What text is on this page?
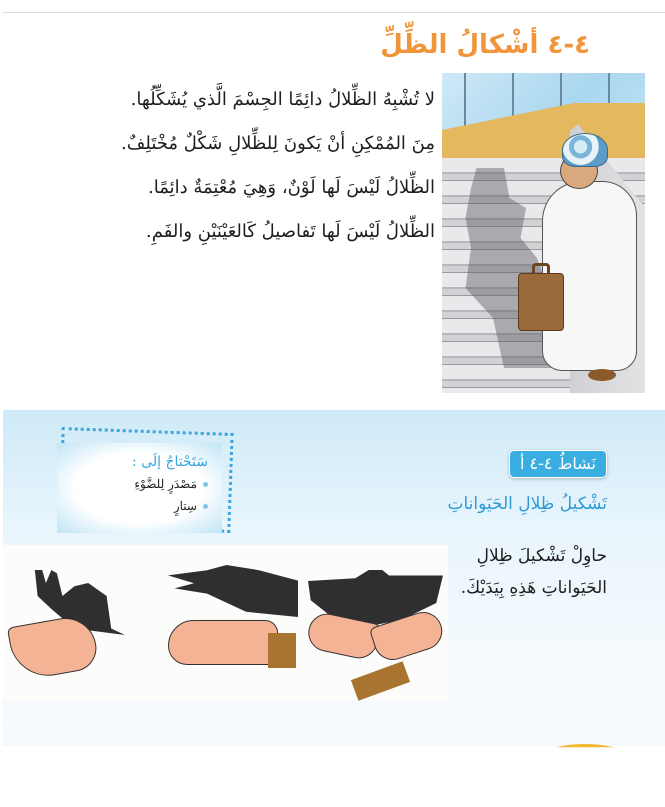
٤-٤ أشْكالُ الظِّلِّ

لا تُشْبِهُ الظِّلالُ دائِمًا الجِسْمَ الَّذي يُشَكِّلُها.

مِنَ المُمْكِنِ أنْ يَكونَ لِلظِّلالِ شَكْلٌ مُخْتَلِفٌ.

الظِّلالُ لَيْسَ لَها لَوْنٌ، وَهِيَ مُعْتِمَةٌ دائِمًا.

الظِّلالُ لَيْسَ لَها تَفاصيلُ كَالعَيْنَيْنِ والفَمِ.

نَشاطُ ٤-٤ أ
تَشْكيلُ ظِلالِ الحَيَواناتِ
سَتَحْتاجُ إلَى :
مَصْدَرٍ لِلضَّوْءِ
سِتارٍ

حاوِلْ تَشْكيلَ ظِلالِ

الحَيَواناتِ هَذِهِ بِيَدَيْكَ.
